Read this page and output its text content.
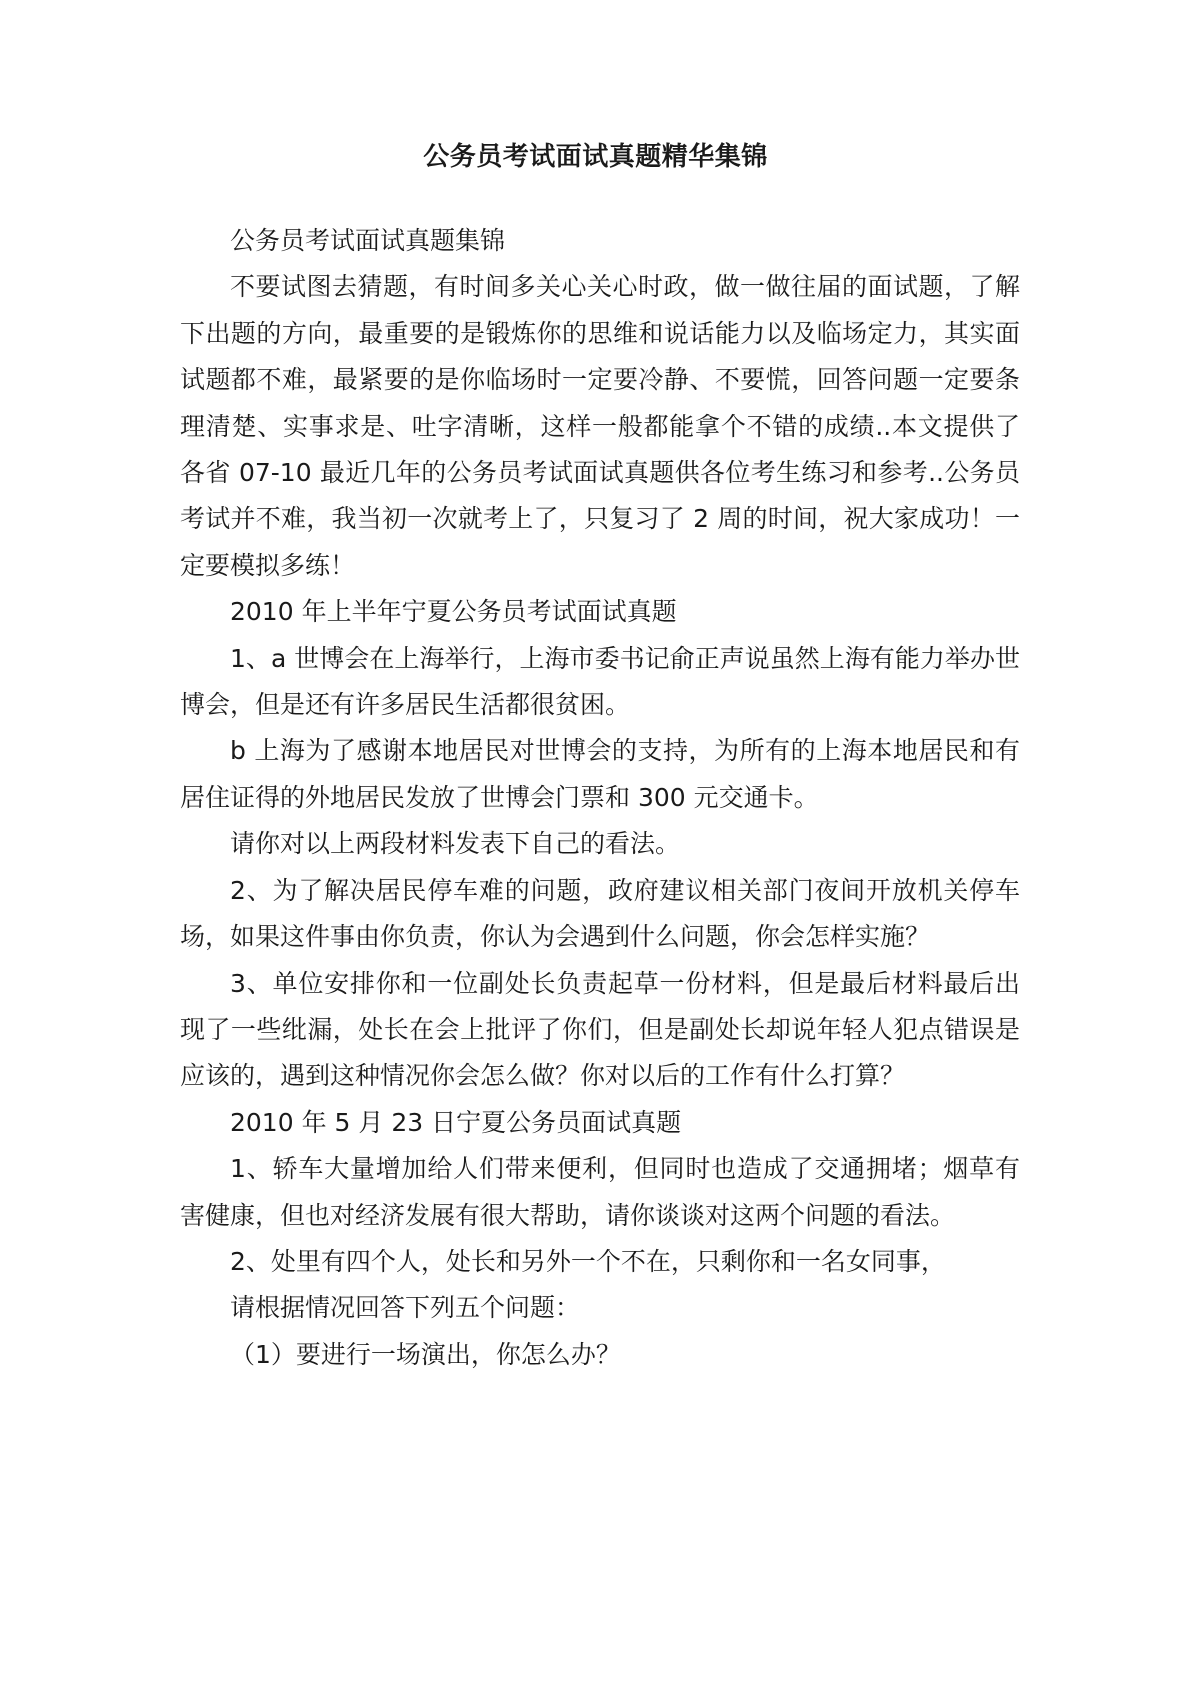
公务员考试面试真题精华集锦

公务员考试面试真题集锦

不要试图去猜题，有时间多关心关心时政，做一做往届的面试题，了解下出题的方向，最重要的是锻炼你的思维和说话能力以及临场定力，其实面试题都不难，最紧要的是你临场时一定要冷静、不要慌，回答问题一定要条理清楚、实事求是、吐字清晰，这样一般都能拿个不错的成绩..本文提供了各省 07-10 最近几年的公务员考试面试真题供各位考生练习和参考..公务员考试并不难，我当初一次就考上了，只复习了 2 周的时间，祝大家成功！一定要模拟多练！

2010 年上半年宁夏公务员考试面试真题

1、a 世博会在上海举行，上海市委书记俞正声说虽然上海有能力举办世博会，但是还有许多居民生活都很贫困。

b 上海为了感谢本地居民对世博会的支持，为所有的上海本地居民和有居住证得的外地居民发放了世博会门票和 300 元交通卡。

请你对以上两段材料发表下自己的看法。

2、为了解决居民停车难的问题，政府建议相关部门夜间开放机关停车场，如果这件事由你负责，你认为会遇到什么问题，你会怎样实施？

3、单位安排你和一位副处长负责起草一份材料，但是最后材料最后出现了一些纰漏，处长在会上批评了你们，但是副处长却说年轻人犯点错误是应该的，遇到这种情况你会怎么做？你对以后的工作有什么打算？

2010 年 5 月 23 日宁夏公务员面试真题

1、轿车大量增加给人们带来便利，但同时也造成了交通拥堵；烟草有害健康，但也对经济发展有很大帮助，请你谈谈对这两个问题的看法。

2、处里有四个人，处长和另外一个不在，只剩你和一名女同事，

请根据情况回答下列五个问题：

（1）要进行一场演出，你怎么办？
